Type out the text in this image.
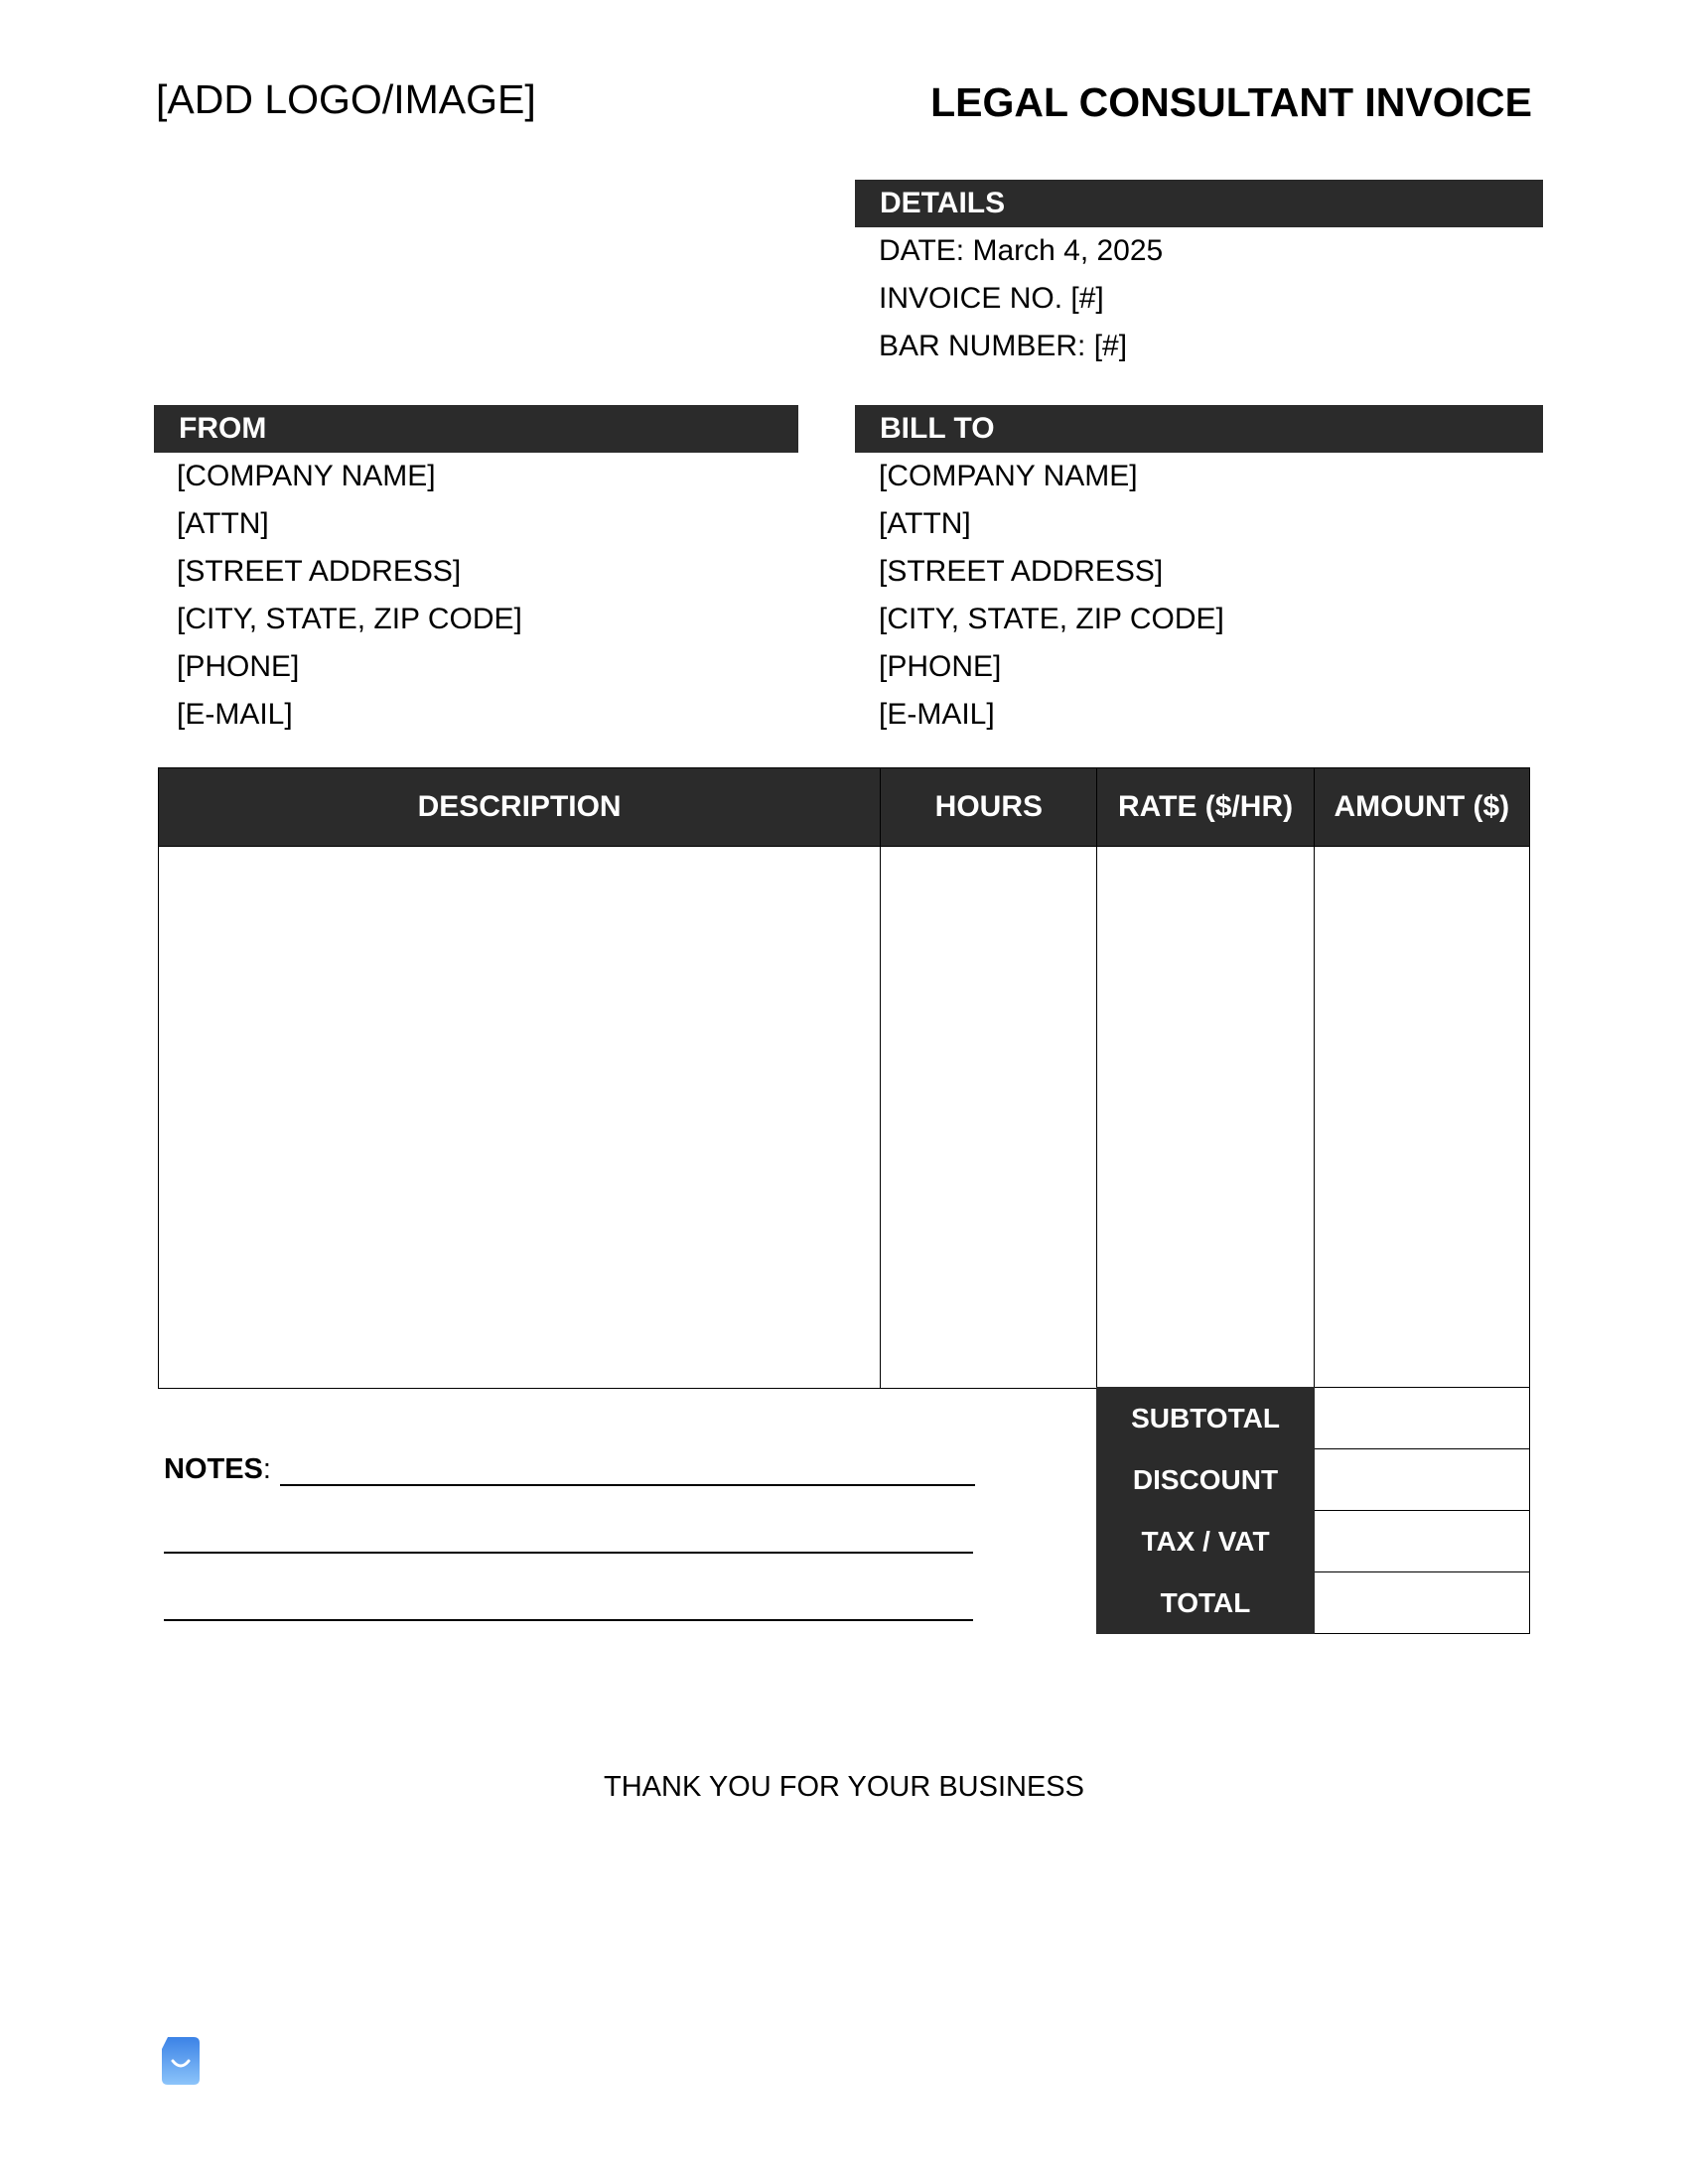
[ADD LOGO/IMAGE]	LEGAL CONSULTANT INVOICE
DETAILS
DATE: March 4, 2025
INVOICE NO. [#]
BAR NUMBER: [#]
FROM
[COMPANY NAME]
[ATTN]
[STREET ADDRESS]
[CITY, STATE, ZIP CODE]
[PHONE]
[E-MAIL]
BILL TO
[COMPANY NAME]
[ATTN]
[STREET ADDRESS]
[CITY, STATE, ZIP CODE]
[PHONE]
[E-MAIL]
DESCRIPTION	HOURS	RATE ($/HR)	AMOUNT ($)

SUBTOTAL	
DISCOUNT	
TAX / VAT	
TOTAL	
NOTES:
THANK YOU FOR YOUR BUSINESS
